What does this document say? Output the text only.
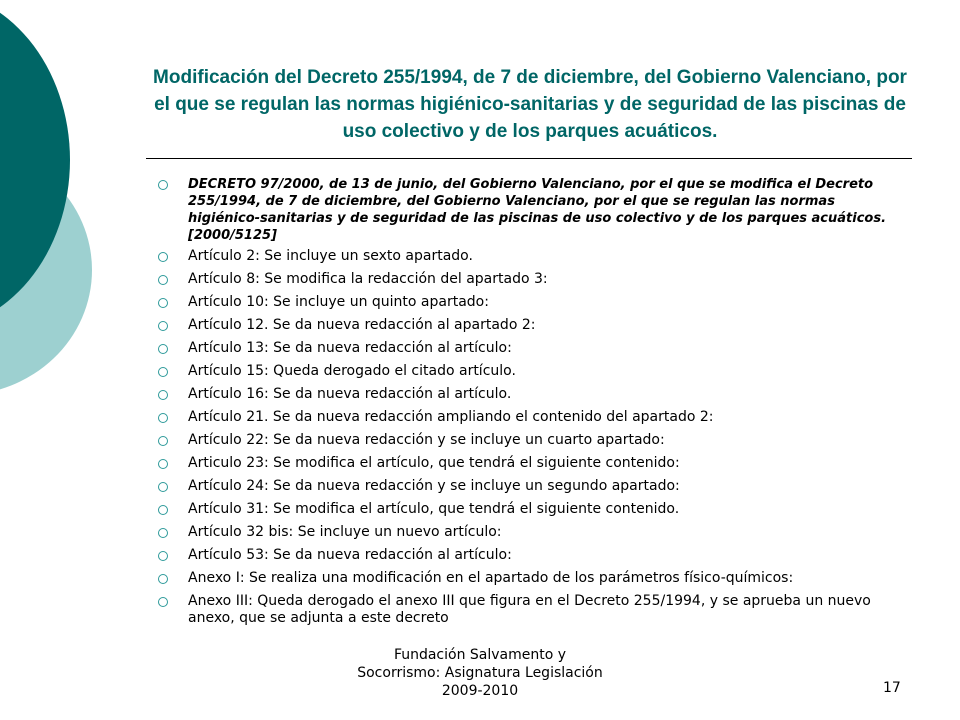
Modificación del Decreto 255/1994, de 7 de diciembre, del Gobierno Valenciano, por el que se regulan las normas higiénico-sanitarias y de seguridad de las piscinas de uso colectivo y de los parques acuáticos.
DECRETO 97/2000, de 13 de junio, del Gobierno Valenciano, por el que se modifica el Decreto 255/1994, de 7 de diciembre, del Gobierno Valenciano, por el que se regulan las normas higiénico-sanitarias y de seguridad de las piscinas de uso colectivo y de los parques acuáticos. [2000/5125]
Artículo 2: Se incluye un sexto apartado.
Artículo 8: Se modifica la redacción del apartado 3:
Artículo 10: Se incluye un quinto apartado:
Artículo 12. Se da nueva redacción al apartado 2:
Artículo 13: Se da nueva redacción al artículo:
Artículo 15: Queda derogado el citado artículo.
Artículo 16: Se da nueva redacción al artículo.
Artículo 21. Se da nueva redacción ampliando el contenido del apartado 2:
Artículo 22: Se da nueva redacción y se incluye un cuarto apartado:
Articulo 23: Se modifica el artículo, que tendrá el siguiente contenido:
Artículo 24: Se da nueva redacción y se incluye un segundo apartado:
Artículo 31: Se modifica el artículo, que tendrá el siguiente contenido.
Artículo 32 bis: Se incluye un nuevo artículo:
Artículo 53: Se da nueva redacción al artículo:
Anexo I: Se realiza una modificación en el apartado de los parámetros físico-químicos:
Anexo III: Queda derogado el anexo III que figura en el Decreto 255/1994, y se aprueba un nuevo anexo, que se adjunta a este decreto
Fundación Salvamento y
Socorrismo: Asignatura Legislación
2009-2010	17
